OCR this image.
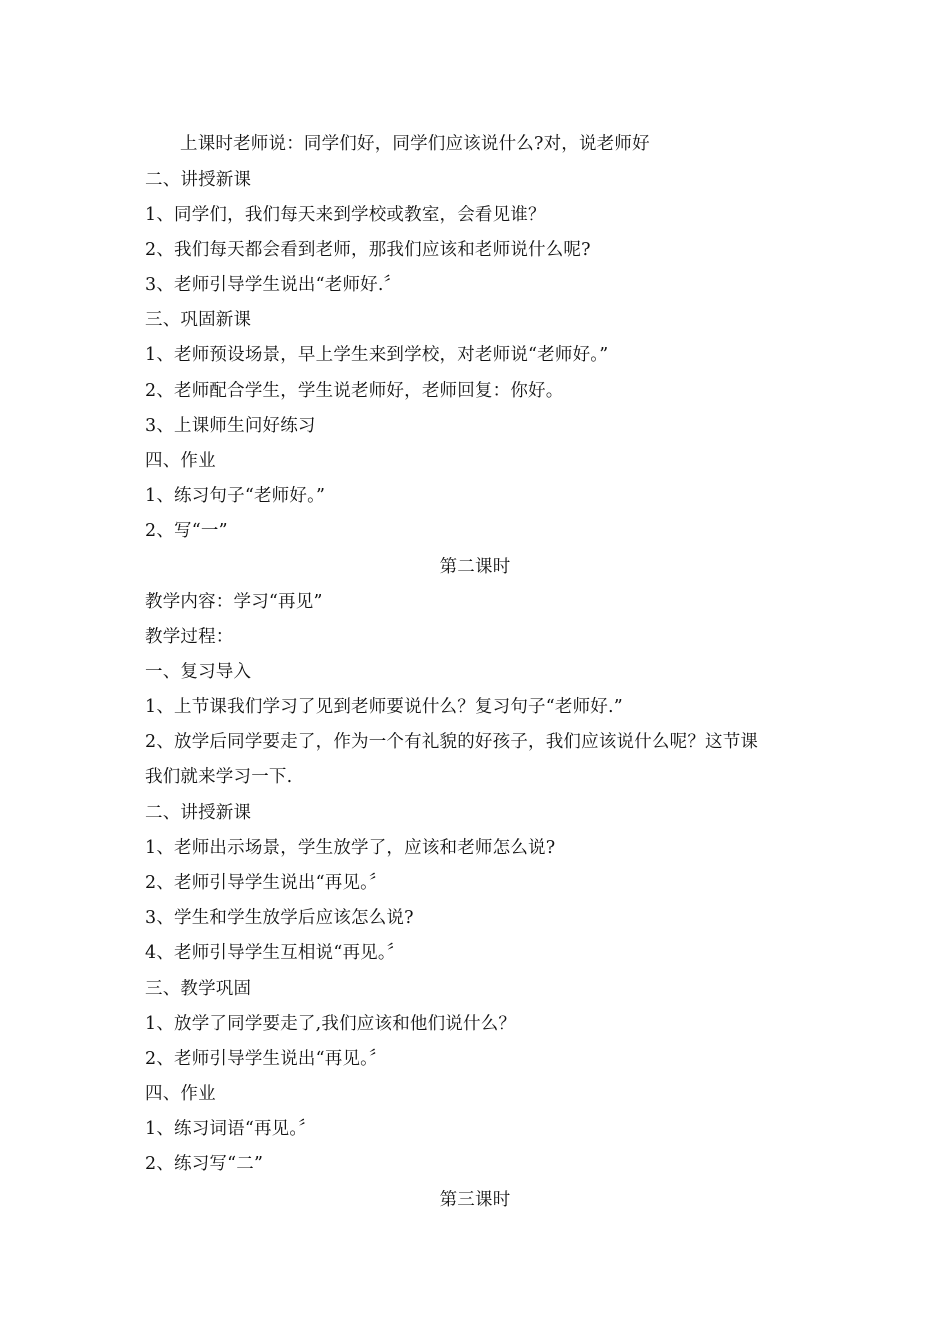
上课时老师说：同学们好，同学们应该说什么?对，说老师好
二、讲授新课
1、同学们，我们每天来到学校或教室，会看见谁？
2、我们每天都会看到老师，那我们应该和老师说什么呢?
3、老师引导学生说出“老师好.〞
三、巩固新课
1、老师预设场景，早上学生来到学校，对老师说“老师好。”
2、老师配合学生，学生说老师好，老师回复：你好。
3、上课师生问好练习
四、作业
1、练习句子“老师好。”
2、写“一”
第二课时
教学内容：学习“再见”
教学过程：
一、复习导入
1、上节课我们学习了见到老师要说什么？复习句子“老师好.”
2、放学后同学要走了，作为一个有礼貌的好孩子，我们应该说什么呢？这节课
我们就来学习一下.
二、讲授新课
1、老师出示场景，学生放学了，应该和老师怎么说?
2、老师引导学生说出“再见。〞
3、学生和学生放学后应该怎么说?
4、老师引导学生互相说“再见。〞
三、教学巩固
1、放学了同学要走了,我们应该和他们说什么？
2、老师引导学生说出“再见。〞
四、作业
1、练习词语“再见。〞
2、练习写“二”
第三课时
